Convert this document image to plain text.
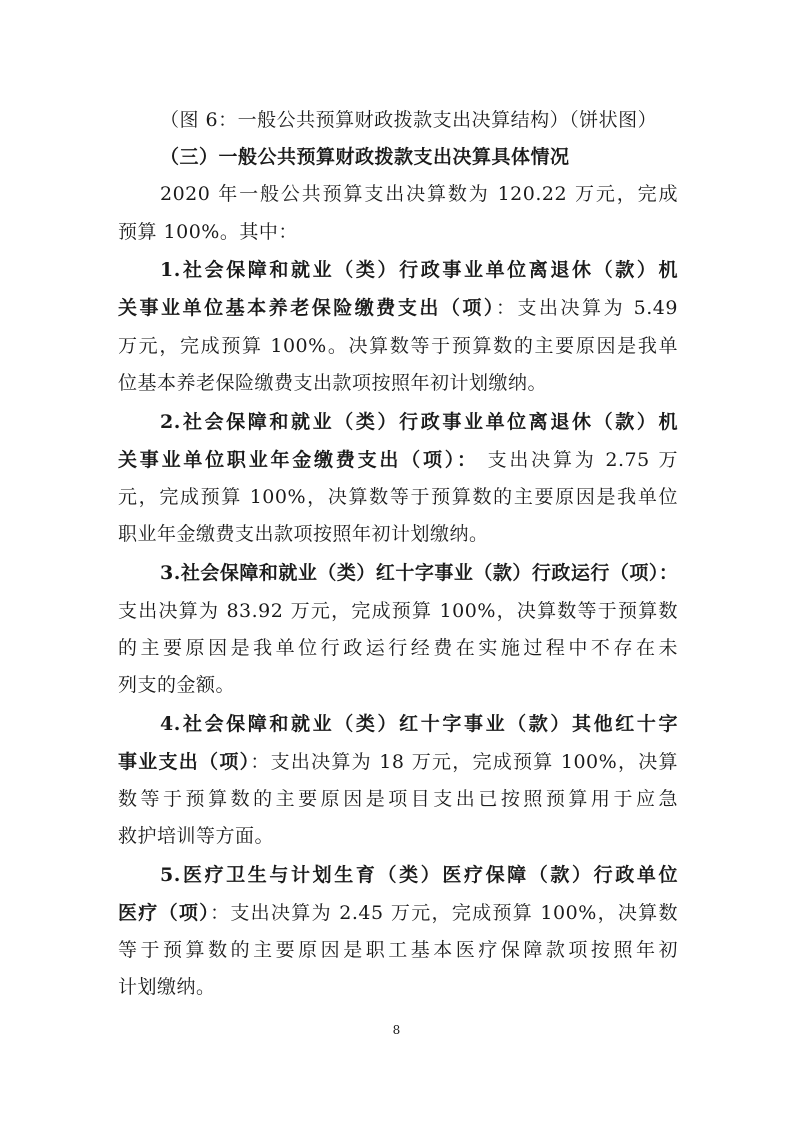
（图 6：一般公共预算财政拨款支出决算结构）（饼状图）
（三）一般公共预算财政拨款支出决算具体情况
2020 年一般公共预算支出决算数为 120.22 万元，完成
预算 100%。其中：
1.社会保障和就业（类）行政事业单位离退休（款）机
关事业单位基本养老保险缴费支出（项）：支出决算为 5.49
万元，完成预算 100%。决算数等于预算数的主要原因是我单
位基本养老保险缴费支出款项按照年初计划缴纳。
2.社会保障和就业（类）行政事业单位离退休（款）机
关事业单位职业年金缴费支出（项）： 支出决算为 2.75 万
元，完成预算 100%，决算数等于预算数的主要原因是我单位
职业年金缴费支出款项按照年初计划缴纳。
3.社会保障和就业（类）红十字事业（款）行政运行（项）：
支出决算为 83.92 万元，完成预算 100%，决算数等于预算数
的主要原因是我单位行政运行经费在实施过程中不存在未
列支的金额。
4.社会保障和就业（类）红十字事业（款）其他红十字
事业支出（项）：支出决算为 18 万元，完成预算 100%，决算
数等于预算数的主要原因是项目支出已按照预算用于应急
救护培训等方面。
5.医疗卫生与计划生育（类）医疗保障（款）行政单位
医疗（项）：支出决算为 2.45 万元，完成预算 100%，决算数
等于预算数的主要原因是职工基本医疗保障款项按照年初
计划缴纳。
8
